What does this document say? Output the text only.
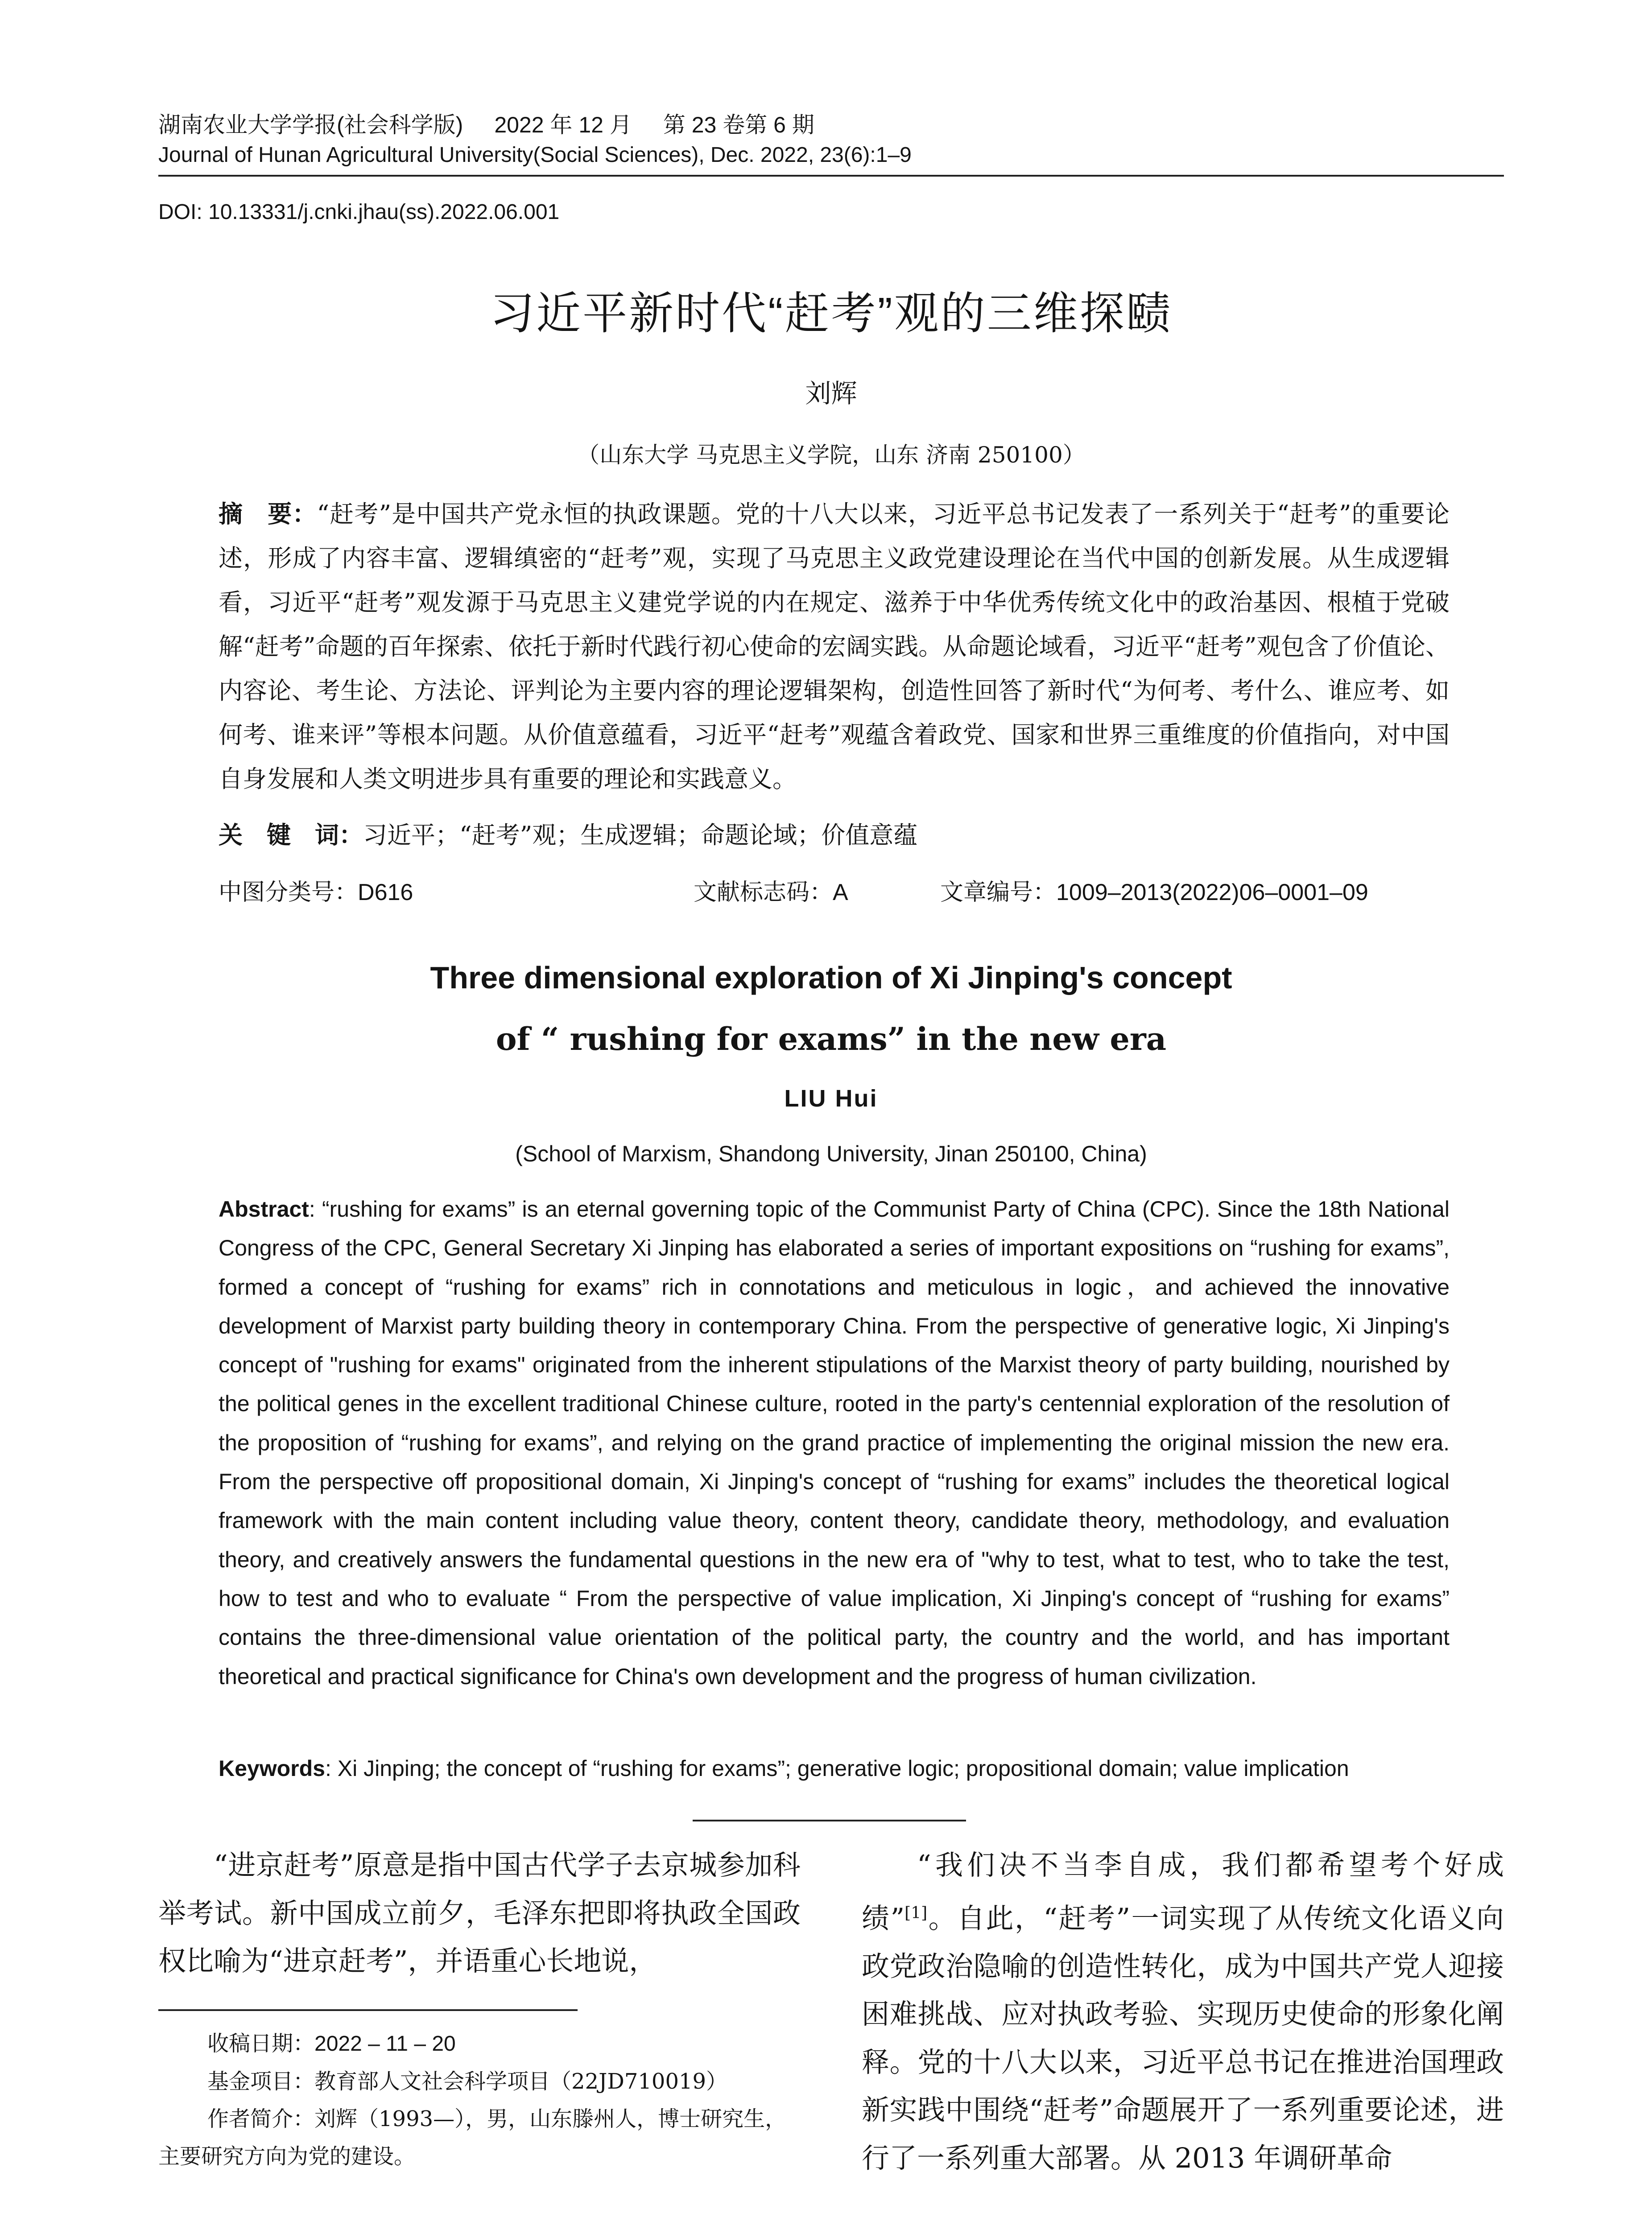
湖南农业大学学报(社会科学版) 2022 年 12 月 第 23 卷第 6 期
Journal of Hunan Agricultural University(Social Sciences), Dec. 2022, 23(6):1–9
DOI: 10.13331/j.cnki.jhau(ss).2022.06.001
习近平新时代“赶考”观的三维探赜
刘辉
（山东大学 马克思主义学院，山东 济南 250100）
摘　要：“赶考”是中国共产党永恒的执政课题。党的十八大以来，习近平总书记发表了一系列关于“赶考”的重要论述，形成了内容丰富、逻辑缜密的“赶考”观，实现了马克思主义政党建设理论在当代中国的创新发展。从生成逻辑看，习近平“赶考”观发源于马克思主义建党学说的内在规定、滋养于中华优秀传统文化中的政治基因、根植于党破解“赶考”命题的百年探索、依托于新时代践行初心使命的宏阔实践。从命题论域看，习近平“赶考”观包含了价值论、内容论、考生论、方法论、评判论为主要内容的理论逻辑架构，创造性回答了新时代“为何考、考什么、谁应考、如何考、谁来评”等根本问题。从价值意蕴看，习近平“赶考”观蕴含着政党、国家和世界三重维度的价值指向，对中国自身发展和人类文明进步具有重要的理论和实践意义。
关　键　词：习近平；“赶考”观；生成逻辑；命题论域；价值意蕴
中图分类号：D616	文献标志码：A	文章编号：1009–2013(2022)06–0001–09
Three dimensional exploration of Xi Jinping's concept
of “ rushing for exams” in the new era
LIU Hui
(School of Marxism, Shandong University, Jinan 250100, China)
Abstract: “rushing for exams” is an eternal governing topic of the Communist Party of China (CPC). Since the 18th National Congress of the CPC, General Secretary Xi Jinping has elaborated a series of important expositions on “rushing for exams”, formed a concept of “rushing for exams” rich in connotations and meticulous in logic，and achieved the innovative development of Marxist party building theory in contemporary China. From the perspective of generative logic, Xi Jinping's concept of "rushing for exams" originated from the inherent stipulations of the Marxist theory of party building, nourished by the political genes in the excellent traditional Chinese culture, rooted in the party's centennial exploration of the resolution of the proposition of “rushing for exams”, and relying on the grand practice of implementing the original mission the new era. From the perspective off propositional domain, Xi Jinping's concept of “rushing for exams” includes the theoretical logical framework with the main content including value theory, content theory, candidate theory, methodology, and evaluation theory, and creatively answers the fundamental questions in the new era of "why to test, what to test, who to take the test, how to test and who to evaluate “ From the perspective of value implication, Xi Jinping's concept of “rushing for exams” contains the three-dimensional value orientation of the political party, the country and the world, and has important theoretical and practical significance for China's own development and the progress of human civilization.
Keywords: Xi Jinping; the concept of “rushing for exams”; generative logic; propositional domain; value implication
“进京赶考”原意是指中国古代学子去京城参加科举考试。新中国成立前夕，毛泽东把即将执政全国政权比喻为“进京赶考”，并语重心长地说，
收稿日期：2022 – 11 – 20
基金项目：教育部人文社会科学项目（22JD710019）
作者简介：刘辉（1993—），男，山东滕州人，博士研究生，主要研究方向为党的建设。
“我们决不当李自成，我们都希望考个好成绩”[1]。自此，“赶考”一词实现了从传统文化语义向政党政治隐喻的创造性转化，成为中国共产党人迎接困难挑战、应对执政考验、实现历史使命的形象化阐释。党的十八大以来，习近平总书记在推进治国理政新实践中围绕“赶考”命题展开了一系列重要论述，进行了一系列重大部署。从 2013 年调研革命
